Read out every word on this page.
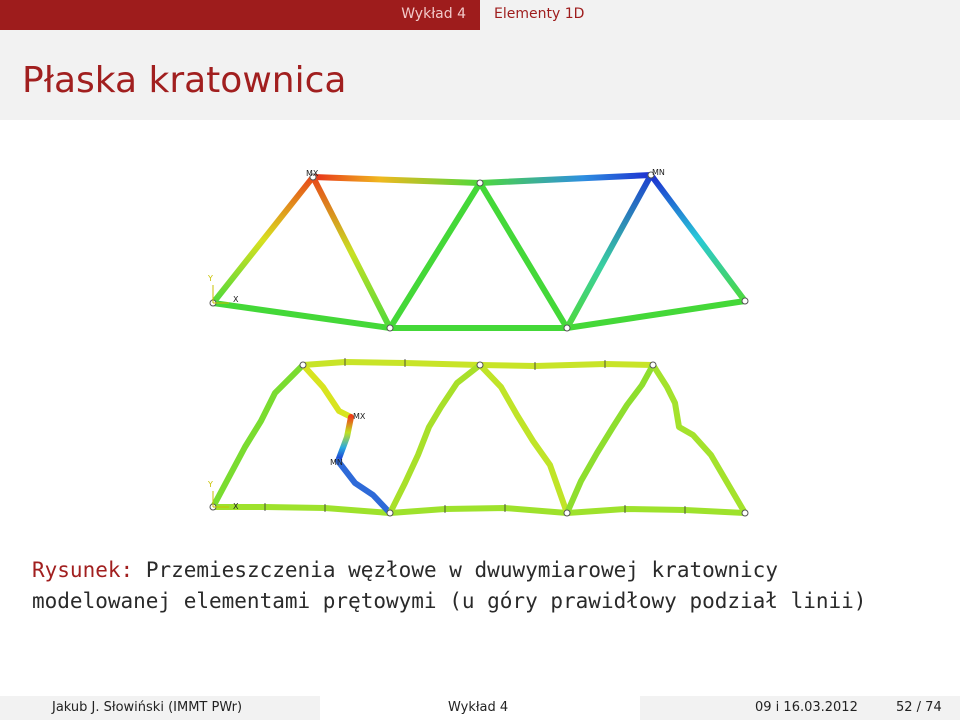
Wykład 4 Elementy 1D
Płaska kratownica
MX	MN
Y
X
MX
MN
Y
X
Rysunek: Przemieszczenia węzłowe w dwuwymiarowej kratownicy
modelowanej elementami prętowymi (u góry prawidłowy podział linii)
Jakub J. Słowiński (IMMT PWr)	Wykład 4	09 i 16.03.2012	52 / 74
